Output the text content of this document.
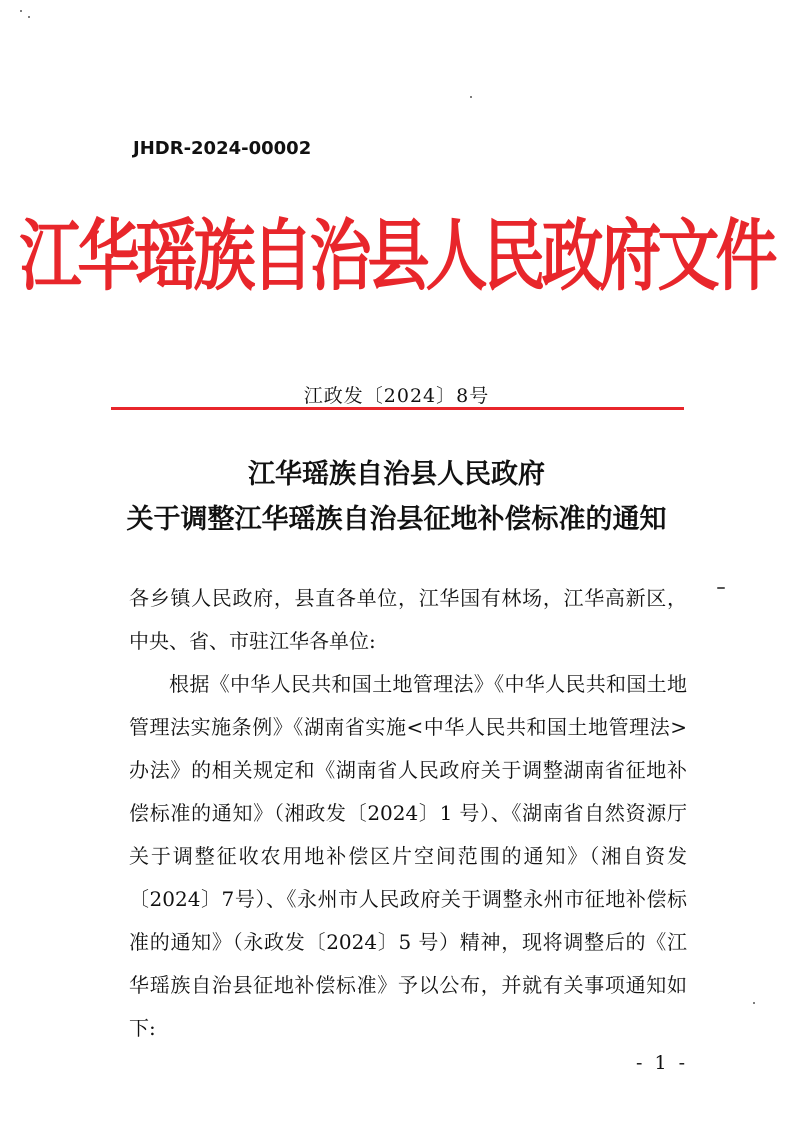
JHDR-2024-00002
江华瑶族自治县人民政府文件
江政发〔2024〕8号
江华瑶族自治县人民政府
关于调整江华瑶族自治县征地补偿标准的通知

各乡镇人民政府，县直各单位，江华国有林场，江华高新区，中央、省、市驻江华各单位:

根据《中华人民共和国土地管理法》《中华人民共和国土地管理法实施条例》《湖南省实施<中华人民共和国土地管理法>办法》的相关规定和《湖南省人民政府关于调整湖南省征地补偿标准的通知》（湘政发〔2024〕1 号）、《湖南省自然资源厅关于调整征收农用地补偿区片空间范围的通知》（湘自资发〔2024〕7号）、《永州市人民政府关于调整永州市征地补偿标准的通知》（永政发〔2024〕5 号）精神，现将调整后的《江华瑶族自治县征地补偿标准》予以公布，并就有关事项通知如下:

- 1 -
